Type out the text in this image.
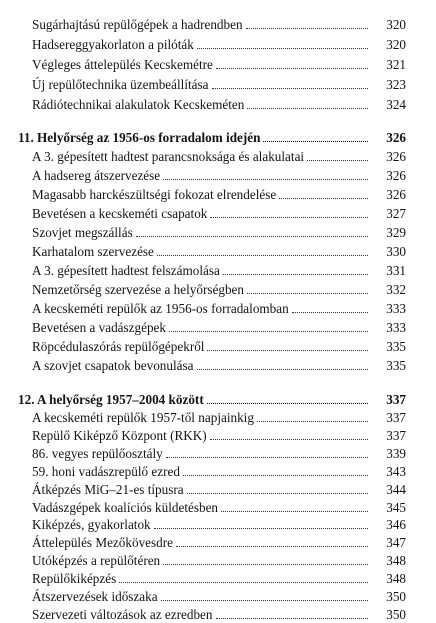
Sugárhajtású repülőgépek a hadrendben	320
Hadsereggyakorlaton a pilóták	320
Végleges áttelepülés Kecskemétre	321
Új repülőtechnika üzembeállítása	323
Rádiótechnikai alakulatok Kecskeméten	324
11. Helyőrség az 1956-os forradalom idején	326
A 3. gépesített hadtest parancsnoksága és alakulatai	326
A hadsereg átszervezése	326
Magasabb harckészültségi fokozat elrendelése	326
Bevetésen a kecskeméti csapatok	327
Szovjet megszállás	329
Karhatalom szervezése	330
A 3. gépesített hadtest felszámolása	331
Nemzetőrség szervezése a helyőrségben	332
A kecskeméti repülők az 1956-os forradalomban	333
Bevetésen a vadászgépek	333
Röpcédulaszórás repülőgépekről	335
A szovjet csapatok bevonulása	335
12. A helyőrség 1957–2004 között	337
A kecskeméti repülők 1957-től napjainkig	337
Repülő Kiképző Központ (RKK)	337
86. vegyes repülőosztály	339
59. honi vadászrepülő ezred	343
Átképzés MiG–21-es típusra	344
Vadászgépek koalíciós küldetésben	345
Kiképzés, gyakorlatok	346
Áttelepülés Mezőkövesdre	347
Utóképzés a repülőtéren	348
Repülőkiképzés	348
Átszervezések időszaka	350
Szervezeti változások az ezredben	350
